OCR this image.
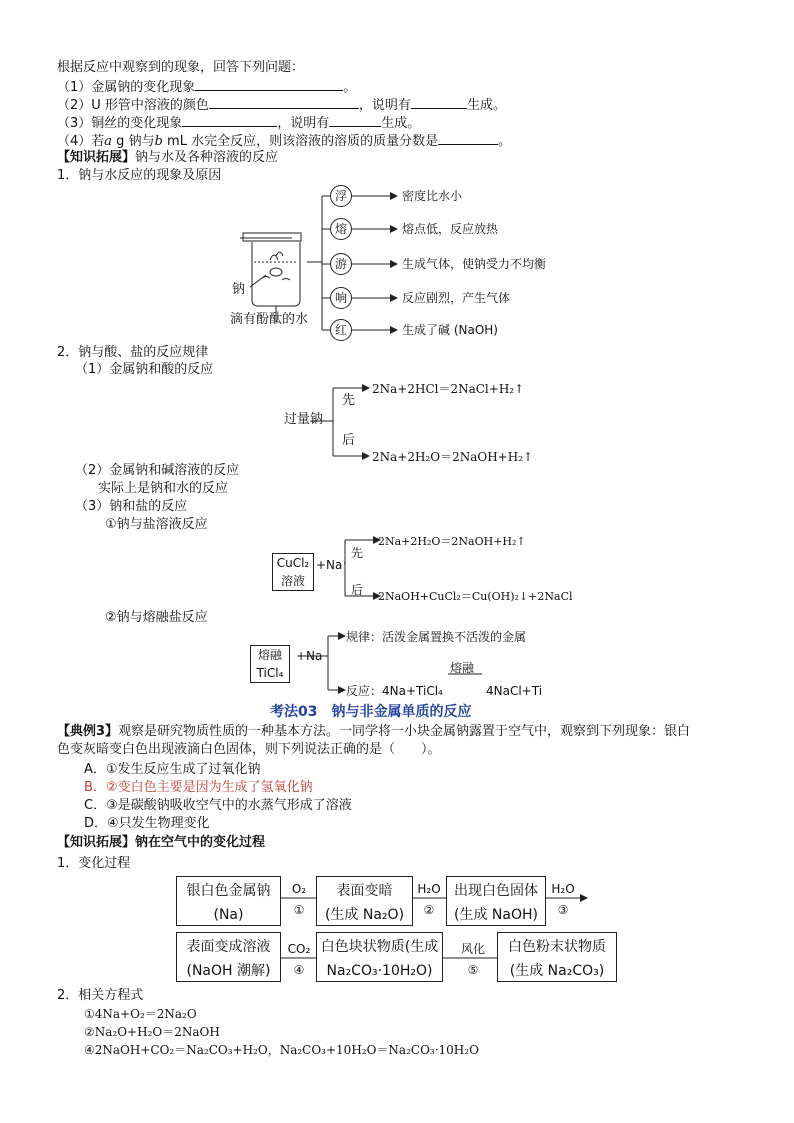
根据反应中观察到的现象，回答下列问题：
（1）金属钠的变化现象	。
（2）U 形管中溶液的颜色	，说明有	生成。
（3）铜丝的变化现象	，说明有	生成。
（4）若a g 钠与b mL 水完全反应，则该溶液的溶质的质量分数是	。
【知识拓展】钠与水及各种溶液的反应
1．钠与水反应的现象及原因
钠
滴有酚酞的水
浮
熔
游
响
红
密度比水小
熔点低，反应放热
生成气体，使钠受力不均衡
反应剧烈，产生气体
生成了碱 (NaOH)
2．钠与酸、盐的反应规律
（1）金属钠和酸的反应
过量钠
先
后
2Na+2HCl＝2NaCl+H₂↑
2Na+2H₂O＝2NaOH+H₂↑
（2）金属钠和碱溶液的反应
实际上是钠和水的反应
（3）钠和盐的反应
①钠与盐溶液反应
CuCl₂
溶液
+Na
先
后
2Na+2H₂O＝2NaOH+H₂↑
2NaOH+CuCl₂＝Cu(OH)₂↓+2NaCl
②钠与熔融盐反应
熔融
TiCl₄
+Na
规律：活泼金属置换不活泼的金属
反应：4Na+TiCl₄
熔融
4NaCl+Ti
考法03　钠与非金属单质的反应
【典例3】观察是研究物质性质的一种基本方法。一同学将一小块金属钠露置于空气中，观察到下列现象：银白
色变灰暗变白色出现液滴白色固体，则下列说法正确的是（　　）。
A．①发生反应生成了过氧化钠
B．②变白色主要是因为生成了氢氧化钠
C．③是碳酸钠吸收空气中的水蒸气形成了溶液
D．④只发生物理变化
【知识拓展】钠在空气中的变化过程
1．变化过程
银白色金属钠
(Na)
表面变暗
(生成 Na₂O)
出现白色固体
(生成 NaOH)
表面变成溶液
(NaOH 潮解)
白色块状物质(生成
Na₂CO₃·10H₂O)
白色粉末状物质
(生成 Na₂CO₃)
O₂
①
H₂O
②
H₂O
③
CO₂
④
风化
⑤
2．相关方程式
①4Na+O₂＝2Na₂O
②Na₂O+H₂O＝2NaOH
④2NaOH+CO₂＝Na₂CO₃+H₂O，Na₂CO₃+10H₂O＝Na₂CO₃·10H₂O
